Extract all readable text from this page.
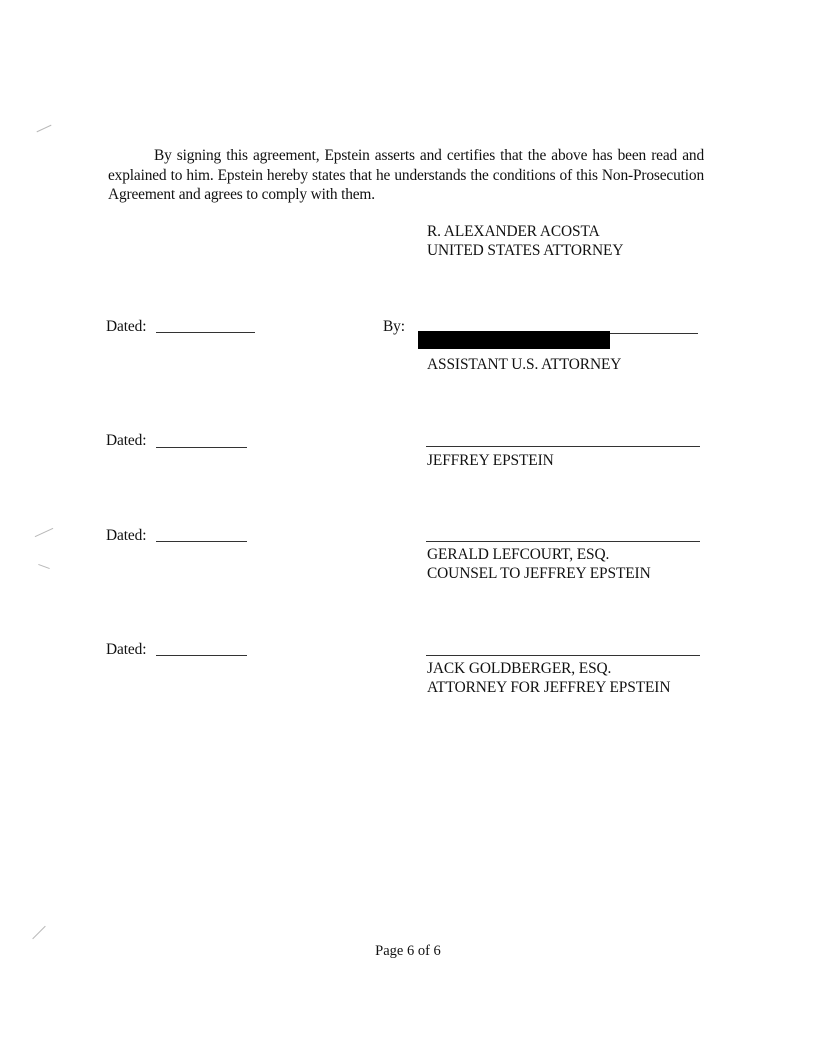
By signing this agreement, Epstein asserts and certifies that the above has been read and explained to him. Epstein hereby states that he understands the conditions of this Non-Prosecution Agreement and agrees to comply with them.
R. ALEXANDER ACOSTA
UNITED STATES ATTORNEY
Dated:	By:
ASSISTANT U.S. ATTORNEY
Dated:
JEFFREY EPSTEIN
Dated:
GERALD LEFCOURT, ESQ.
COUNSEL TO JEFFREY EPSTEIN
Dated:
JACK GOLDBERGER, ESQ.
ATTORNEY FOR JEFFREY EPSTEIN
Page 6 of 6
